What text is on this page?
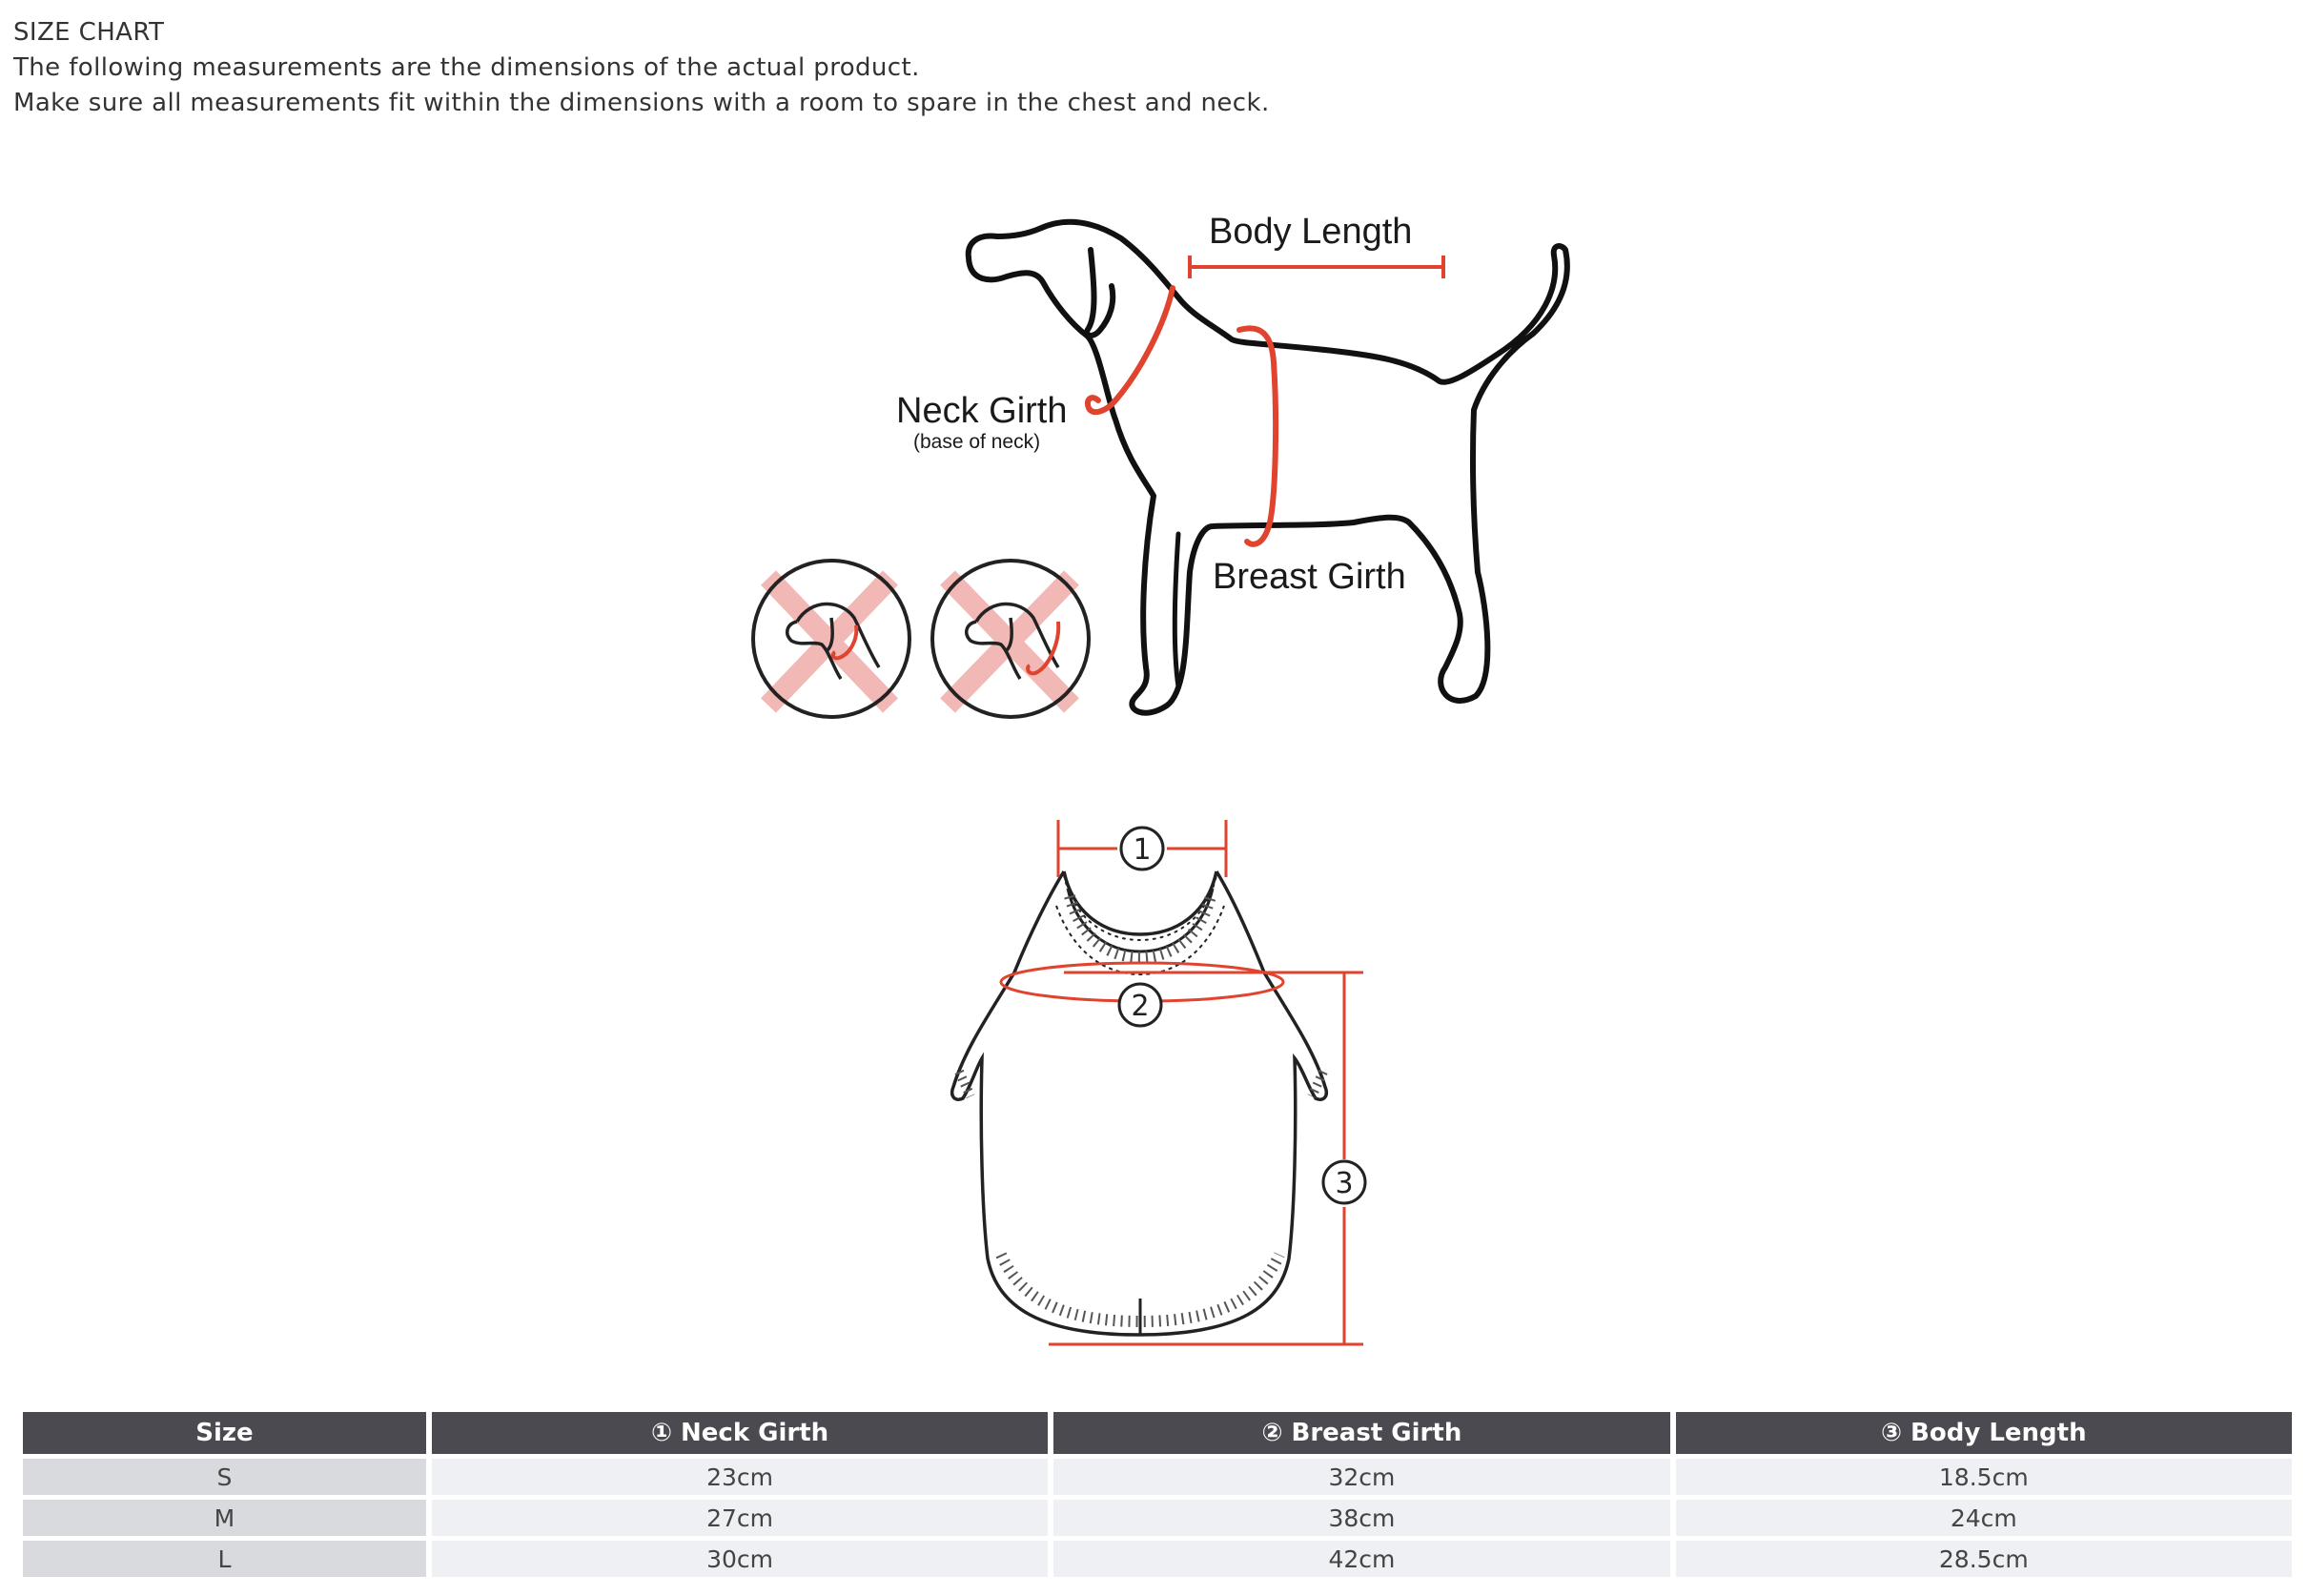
SIZE CHART
The following measurements are the dimensions of the actual product.
Make sure all measurements fit within the dimensions with a room to spare in the chest and neck.
1
2
3
Body Length
Neck Girth
(base of neck)
Breast Girth
Size	① Neck Girth	② Breast Girth	③ Body Length
S	23cm	32cm	18.5cm
M	27cm	38cm	24cm
L	30cm	42cm	28.5cm
